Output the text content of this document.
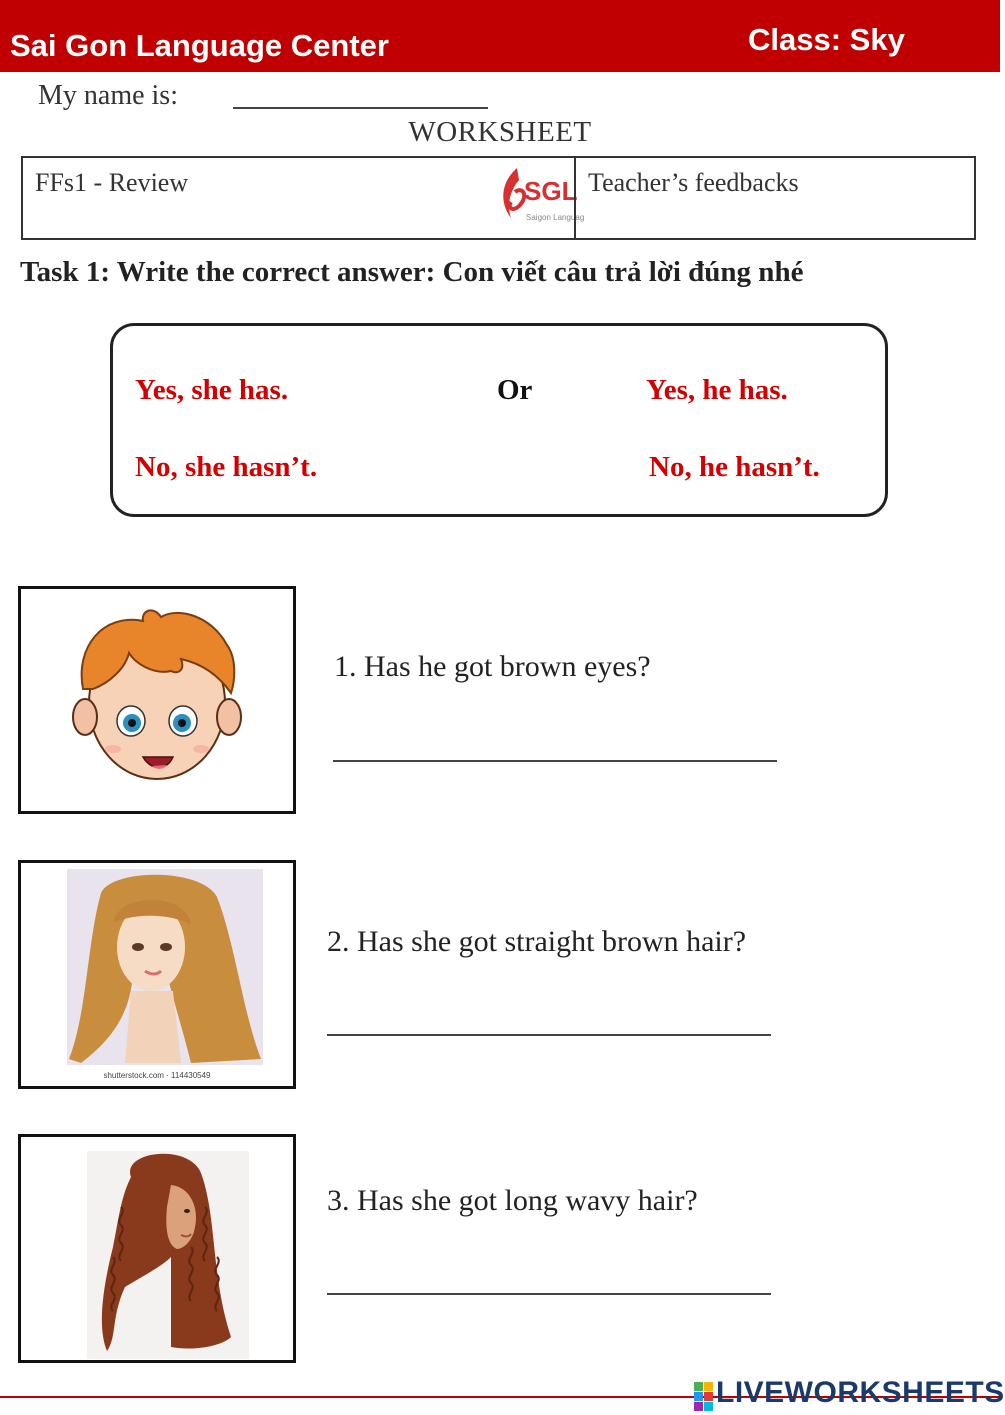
Sai Gon Language Center	Class: Sky
My name is:
WORKSHEET
FFs1 - Review	SGL
Saigon Languag
Teacher’s feedbacks
Task 1: Write the correct answer: Con viết câu trả lời đúng nhé
Yes, she has.	Or	Yes, he has.
No, she hasn’t.	No, he hasn’t.
1. Has he got brown eyes?
shutterstock.com · 114430549
2. Has she got straight brown hair?
3. Has she got long wavy hair?
LIVEWORKSHEETS
